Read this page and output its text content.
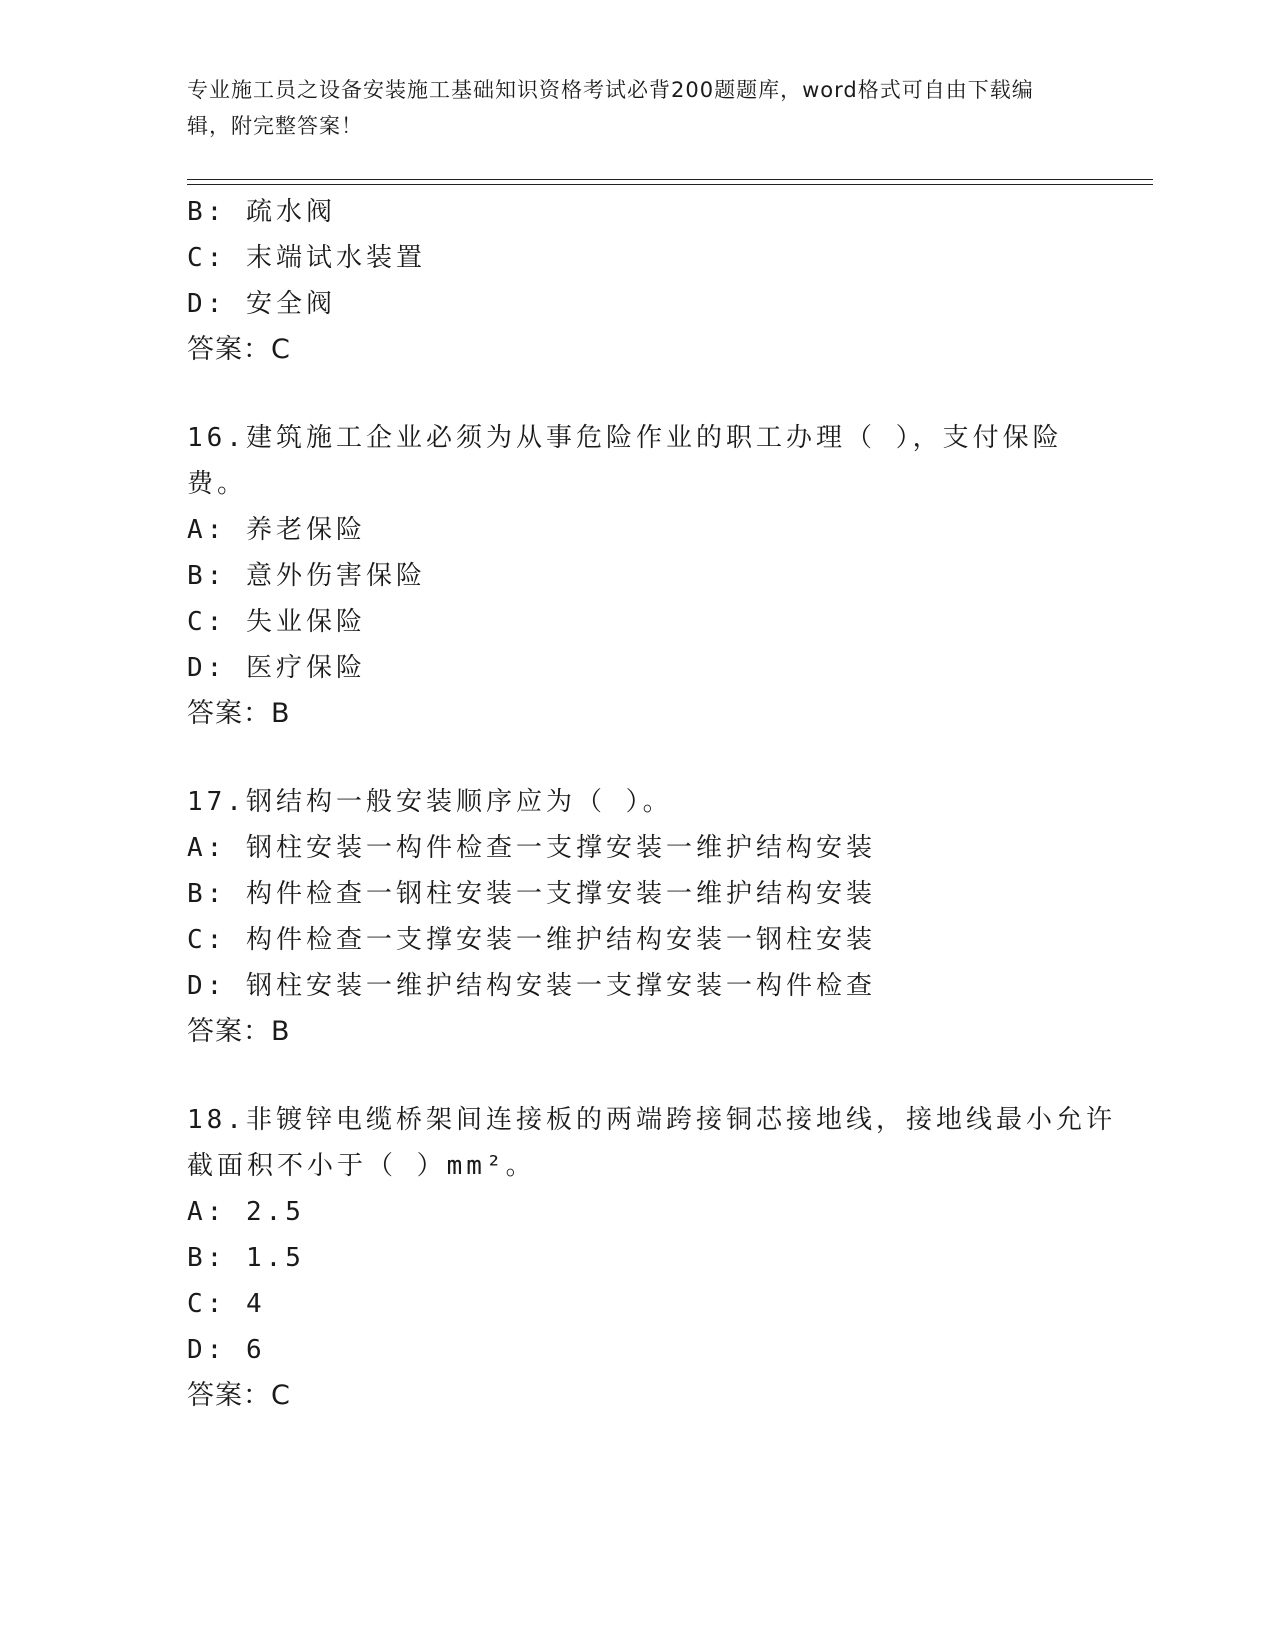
专业施工员之设备安装施工基础知识资格考试必背200题题库，word格式可自由下载编辑，附完整答案！
B: 疏水阀
C: 末端试水装置
D: 安全阀
答案：C
16.建筑施工企业必须为从事危险作业的职工办理（ ），支付保险费。
A: 养老保险
B: 意外伤害保险
C: 失业保险
D: 医疗保险
答案：B
17.钢结构一般安装顺序应为（ ）。
A: 钢柱安装一构件检查一支撑安装一维护结构安装
B: 构件检查一钢柱安装一支撑安装一维护结构安装
C: 构件检查一支撑安装一维护结构安装一钢柱安装
D: 钢柱安装一维护结构安装一支撑安装一构件检查
答案：B
18.非镀锌电缆桥架间连接板的两端跨接铜芯接地线，接地线最小允许截面积不小于（ ）mm²。
A: 2.5
B: 1.5
C: 4
D: 6
答案：C
